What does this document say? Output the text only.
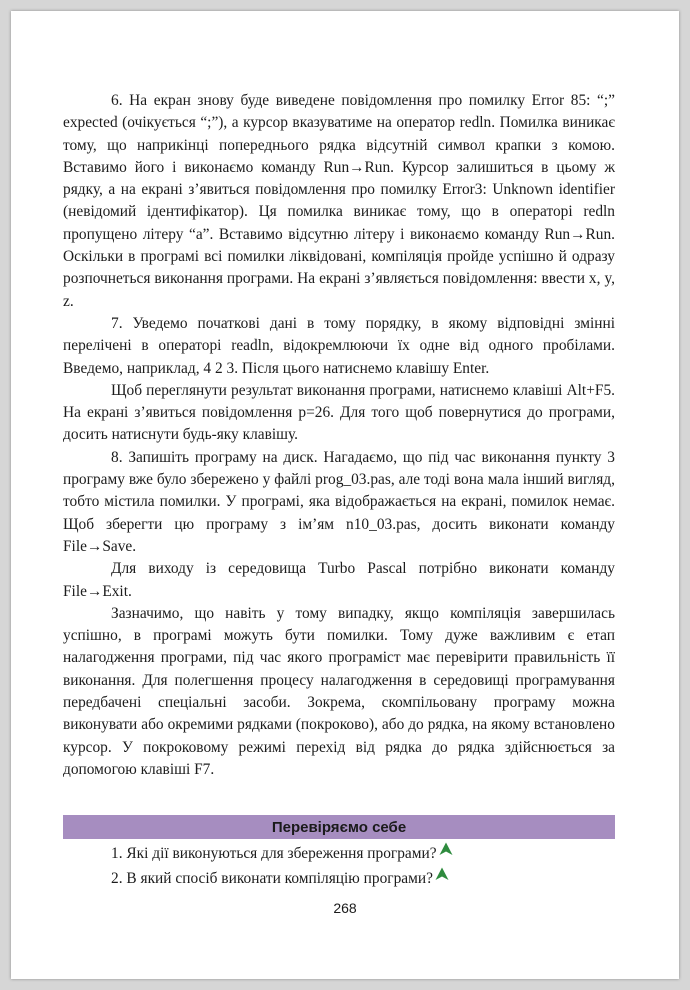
6. На екран знову буде виведене повідомлення про помилку Error 85: “;” expected (очікується “;”), а курсор вказуватиме на оператор redln. Помилка виникає тому, що наприкінці попереднього рядка відсутній символ крапки з комою. Вставимо його і виконаємо команду Run→Run. Курсор залишиться в цьому ж рядку, а на екрані з’явиться повідомлення про помилку Error3: Unknown identifier (невідомий ідентифікатор). Ця помилка виникає тому, що в операторі redln пропущено літеру “a”. Вставимо відсутню літеру і виконаємо команду Run→Run. Оскільки в програмі всі помилки ліквідовані, компіляція пройде успішно й одразу розпочнеться виконання програми. На екрані з’являється повідомлення: ввести x, y, z.

7. Уведемо початкові дані в тому порядку, в якому відповідні змінні перелічені в операторі readln, відокремлюючи їх одне від одного пробілами. Введемо, наприклад, 4 2 3. Після цього натиснемо клавішу Enter.

Щоб переглянути результат виконання програми, натиснемо клавіші Alt+F5. На екрані з’явиться повідомлення p=26. Для того щоб повернутися до програми, досить натиснути будь-яку клавішу.

8. Запишіть програму на диск. Нагадаємо, що під час виконання пункту 3 програму вже було збережено у файлі prog_03.pas, але тоді вона мала інший вигляд, тобто містила помилки. У програмі, яка відображається на екрані, помилок немає. Щоб зберегти цю програму з ім’ям n10_03.pas, досить виконати команду File→Save.

Для виходу із середовища Turbo Pascal потрібно виконати команду File→Exit.

Зазначимо, що навіть у тому випадку, якщо компіляція завершилась успішно, в програмі можуть бути помилки. Тому дуже важливим є етап налагодження програми, під час якого програміст має перевірити правильність її виконання. Для полегшення процесу налагодження в середовищі програмування передбачені спеціальні засоби. Зокрема, скомпільовану програму можна виконувати або окремими рядками (покроково), або до рядка, на якому встановлено курсор. У покроковому режимі перехід від рядка до рядка здійснюється за допомогою клавіші F7.

Перевіряємо себе
1. Які дії виконуються для збереження програми?
2. В який спосіб виконати компіляцію програми?
268
